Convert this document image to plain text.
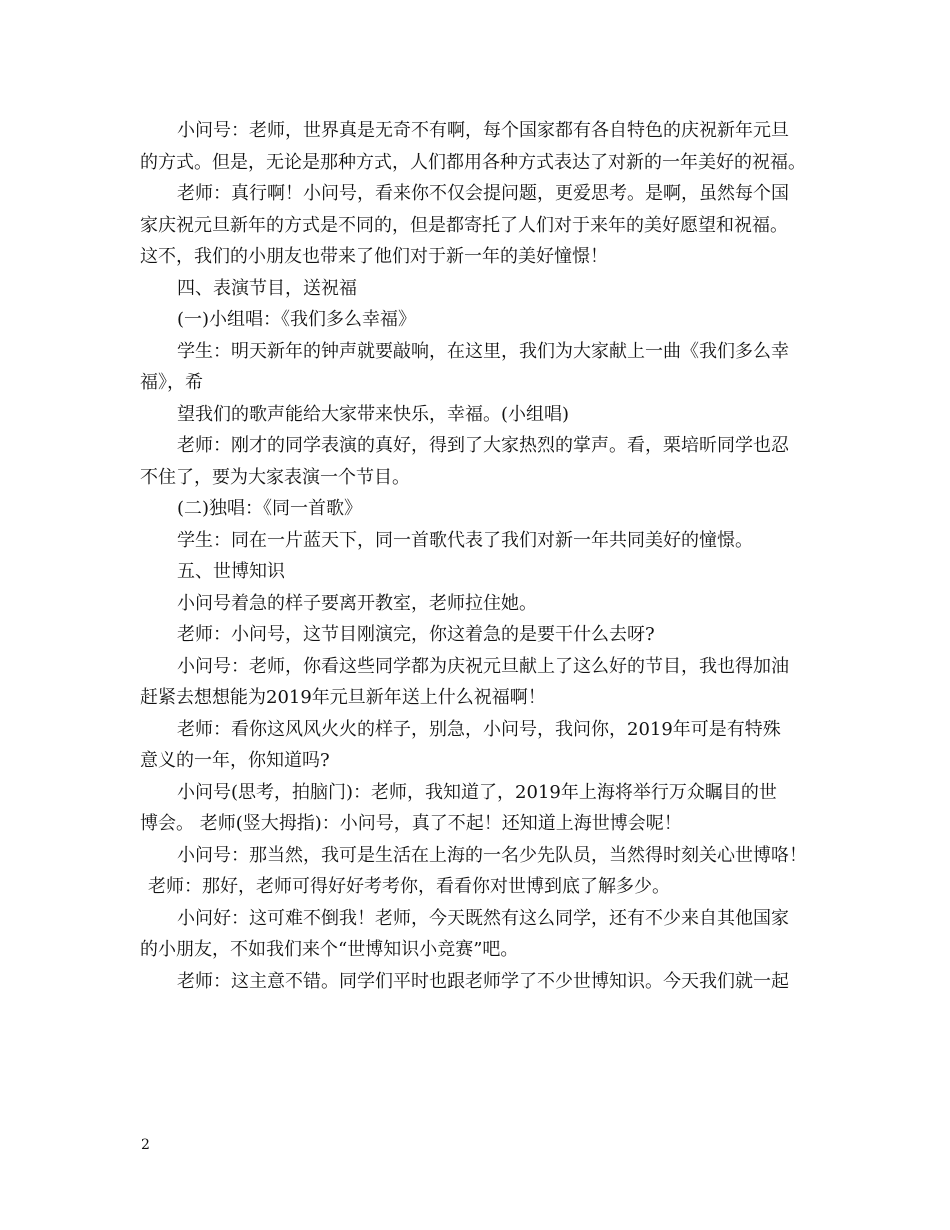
小问号：老师，世界真是无奇不有啊，每个国家都有各自特色的庆祝新年元旦
的方式。但是，无论是那种方式，人们都用各种方式表达了对新的一年美好的祝福。
老师：真行啊！小问号，看来你不仅会提问题，更爱思考。是啊，虽然每个国
家庆祝元旦新年的方式是不同的，但是都寄托了人们对于来年的美好愿望和祝福。
这不，我们的小朋友也带来了他们对于新一年的美好憧憬！
四、表演节目，送祝福
(一)小组唱：《我们多么幸福》
学生：明天新年的钟声就要敲响，在这里，我们为大家献上一曲《我们多么幸
福》，希
望我们的歌声能给大家带来快乐，幸福。(小组唱)
老师：刚才的同学表演的真好，得到了大家热烈的掌声。看，栗培昕同学也忍
不住了，要为大家表演一个节目。
(二)独唱：《同一首歌》
学生：同在一片蓝天下，同一首歌代表了我们对新一年共同美好的憧憬。
五、世博知识
小问号着急的样子要离开教室，老师拉住她。
老师：小问号，这节目刚演完，你这着急的是要干什么去呀?
小问号：老师，你看这些同学都为庆祝元旦献上了这么好的节目，我也得加油
赶紧去想想能为2019年元旦新年送上什么祝福啊！
老师：看你这风风火火的样子，别急，小问号，我问你，2019年可是有特殊
意义的一年，你知道吗?
小问号(思考，拍脑门)：老师，我知道了，2019年上海将举行万众瞩目的世
博会。 老师(竖大拇指)：小问号，真了不起！还知道上海世博会呢！
小问号：那当然，我可是生活在上海的一名少先队员，当然得时刻关心世博咯！
老师：那好，老师可得好好考考你，看看你对世博到底了解多少。
小问好：这可难不倒我！老师，今天既然有这么同学，还有不少来自其他国家
的小朋友，不如我们来个“世博知识小竞赛”吧。
老师：这主意不错。同学们平时也跟老师学了不少世博知识。今天我们就一起
2
